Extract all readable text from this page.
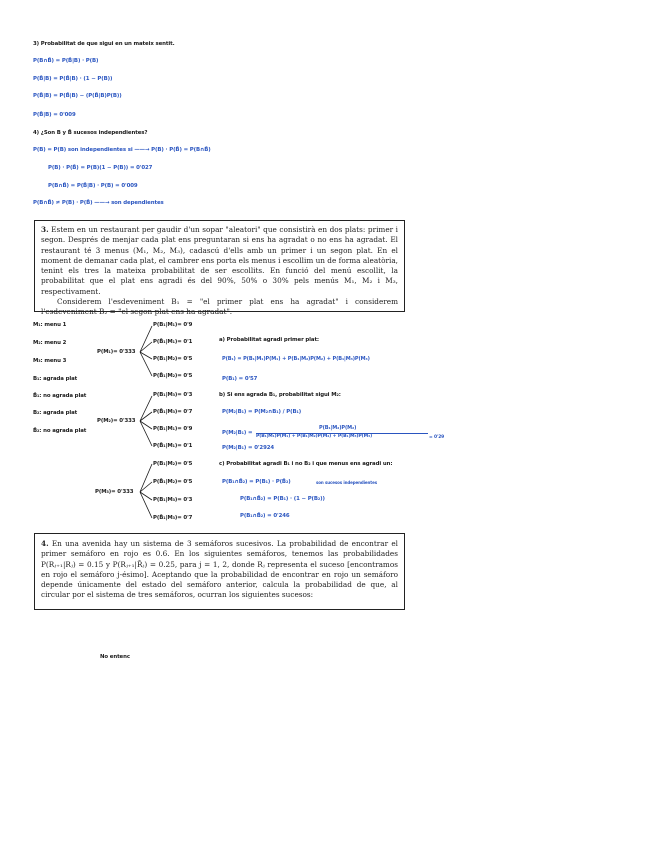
3) Probabilitat de que sigui en un mateix sentit.
P(B∩B̄) = P(B̄|B) · P(B)
P(B̄|B) = P(B̄|B) · (1 − P(B))
P(B̄|B) = P(B̄|B) − (P(B̄|B)P(B))
P(B̄|B) = 0'009
4) ¿Son B y B̄ sucesos independientes?
P(B) = P(B) son independientes si ——→ P(B) · P(B̄) = P(B∩B̄)
P(B) · P(B̄) = P(B)(1 − P(B)) = 0'027
P(B∩B̄) = P(B̄|B) · P(B) = 0'009
P(B∩B̄) ≠ P(B) · P(B̄) ——→ son dependientes

3. Estem en un restaurant per gaudir d'un sopar "aleatori" que consistirà en dos plats: primer i segon. Després de menjar cada plat ens preguntaran si ens ha agradat o no ens ha agradat. El restaurant té 3 menus (M₁, M₂, M₃), cadascú d'ells amb un primer i un segon plat. En el moment de demanar cada plat, el cambrer ens porta els menus i escollim un de forma aleatòria, tenint els tres la mateixa probabilitat de ser escollits. En funció del menú escollit, la probabilitat que el plat ens agradi és del 90%, 50% o 30% pels menús M₁, M₂ i M₃, respectivament.

Considerem l'esdeveniment B₁ = "el primer plat ens ha agradat" i considerem l'esdeveniment B₂ = "el segon plat ens ha agradat".

M₁: menu 1
M₂: menu 2
M₃: menu 3
B₁: agrada plat
B̄₁: no agrada plat
B₂: agrada plat
B̄₂: no agrada plat
P(M₁)= 0'333
P(M₂)= 0'333
P(M₃)= 0'333
P(B₁|M₁)= 0'9
P(B̄₁|M₁)= 0'1
P(B₁|M₂)= 0'5
P(B̄₁|M₂)= 0'5
P(B₁|M₃)= 0'3
P(B̄₁|M₃)= 0'7
P(B₁|M₁)= 0'9
P(B̄₁|M₁)= 0'1
P(B₁|M₂)= 0'5
P(B̄₁|M₂)= 0'5
P(B₁|M₃)= 0'3
P(B̄₁|M₃)= 0'7
a) Probabilitat agradi primer plat:
P(B₁) = P(B₁|M₁)P(M₁) + P(B₁|M₂)P(M₂) + P(B₁|M₃)P(M₃)
P(B₁) = 0'57
b) Si ens agrada B₁, probabilitat sigui M₂:
P(M₂|B₁) = P(M₂∩B₁) / P(B₁)
P(M₂|B₁) =
P(B₁|M₂)P(M₂)
P(B₁|M₁)P(M₁) + P(B₁|M₂)P(M₂) + P(B₁|M₃)P(M₃)	= 0'29
P(M₂|B₁) = 0'2924
c) Probabilitat agradi B₁ i no B₂ i que menus ens agradi un:
P(B₁∩B̄₂) = P(B₁) · P(B̄₂)	son sucesos independientes
P(B₁∩B̄₂) = P(B₁) · (1 − P(B₂))
P(B₁∩B̄₂) = 0'246

4. En una avenida hay un sistema de 3 semáforos sucesivos. La probabilidad de encontrar el primer semáforo en rojo es 0.6. En los siguientes semáforos, tenemos las probabilidades P(Rⱼ₊₁|Rⱼ) = 0.15 y P(Rⱼ₊₁|R̄ⱼ) = 0.25, para j = 1, 2, donde Rⱼ representa el suceso [encontramos en rojo el semáforo j-ésimo]. Aceptando que la probabilidad de encontrar en rojo un semáforo depende únicamente del estado del semáforo anterior, calcula la probabilidad de que, al circular por el sistema de tres semáforos, ocurran los siguientes sucesos:

No entenc
